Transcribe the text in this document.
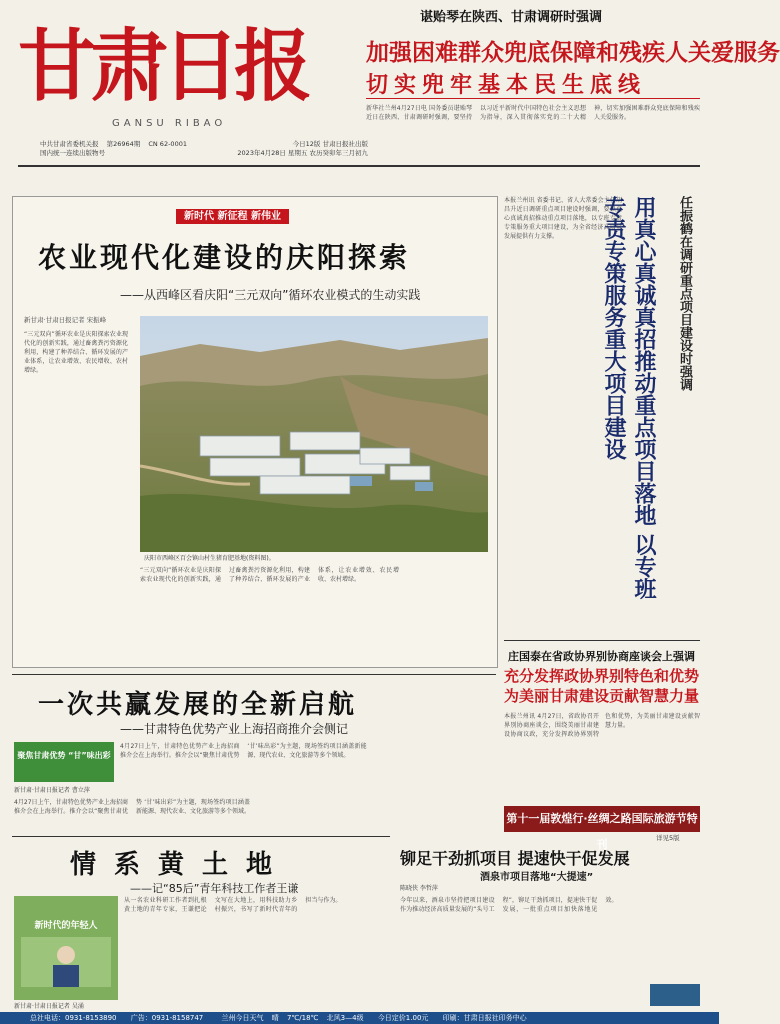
甘肃日报
GANSU RIBAO
中共甘肃省委机关报 第26964期 CN 62-0001
国内统一连续出版物号
今日12版 甘肃日报社出版
2023年4月28日 星期五 农历癸卯年三月初九
谌贻琴在陕西、甘肃调研时强调
加强困难群众兜底保障和残疾人关爱服务
切实兜牢基本民生底线
新华社兰州4月27日电 国务委员谌贻琴近日在陕西、甘肃调研时强调，要坚持以习近平新时代中国特色社会主义思想为指导，深入贯彻落实党的二十大精神，切实加强困难群众兜底保障和残疾人关爱服务。
新时代 新征程 新伟业
农业现代化建设的庆阳探索
——从西峰区看庆阳“三元双向”循环农业模式的生动实践
新甘肃·甘肃日报记者 宋振峰
“三元双向”循环农业是庆阳探索农业现代化的创新实践，通过畜禽粪污资源化利用，构建了种养结合、循环发展的产业体系，让农业增效、农民增收、农村增绿。
庆阳市西峰区百会镇山村生猪育肥基地(资料图)。
“三元双向”循环农业是庆阳探索农业现代化的创新实践，通过畜禽粪污资源化利用，构建了种养结合、循环发展的产业体系，让农业增效、农民增收、农村增绿。
本报兰州讯 省委书记、省人大常委会主任胡昌升近日调研重点项目建设时强调，要以真心真诚真招推动重点项目落地，以专班专责专策服务重大项目建设，为全省经济高质量发展提供有力支撑。	用真心真诚真招推动重点项目落地 以专班专责专策服务重大项目建设	任振鹤在调研重点项目建设时强调
庄国泰在省政协界别协商座谈会上强调
充分发挥政协界别特色和优势 为美丽甘肃建设贡献智慧力量
本报兰州讯 4月27日，省政协召开界别协商座谈会，围绕美丽甘肃建设协商议政，充分发挥政协界别特色和优势，为美丽甘肃建设贡献智慧力量。
第十一届敦煌行·丝绸之路国际旅游节特刊	详见5版
一次共赢发展的全新启航
——甘肃特色优势产业上海招商推介会侧记
聚焦甘肃优势 “甘”味出彩
新甘肃·甘肃日报记者 曹立萍
4月27日上午，甘肃特色优势产业上海招商推介会在上海举行。推介会以“聚焦甘肃优势 ‘甘’味出彩”为主题，现场签约项目涵盖新能源、现代农业、文化旅游等多个领域。
4月27日上午，甘肃特色优势产业上海招商推介会在上海举行。推介会以“聚焦甘肃优势 ‘甘’味出彩”为主题，现场签约项目涵盖新能源、现代农业、文化旅游等多个领域。
情系黄土地
——记“85后”青年科技工作者王谦
新时代的年轻人
新甘肃·甘肃日报记者 吴涌
从一名农业科研工作者到扎根黄土地的青年专家，王谦把论文写在大地上，用科技助力乡村振兴，书写了新时代青年的担当与作为。
铆足干劲抓项目 提速快干促发展
酒泉市项目落地“大提速”
陈晓侠 李哲萍
今年以来，酒泉市坚持把项目建设作为推动经济高质量发展的“头号工程”，铆足干劲抓项目，提速快干促发展，一批重点项目加快落地见效。
总社电话：0931-8153890 广告：0931-8158747	兰州今日天气 晴 7℃/18℃ 北风3—4级 今日定价1.00元 印刷：甘肃日报社印务中心
